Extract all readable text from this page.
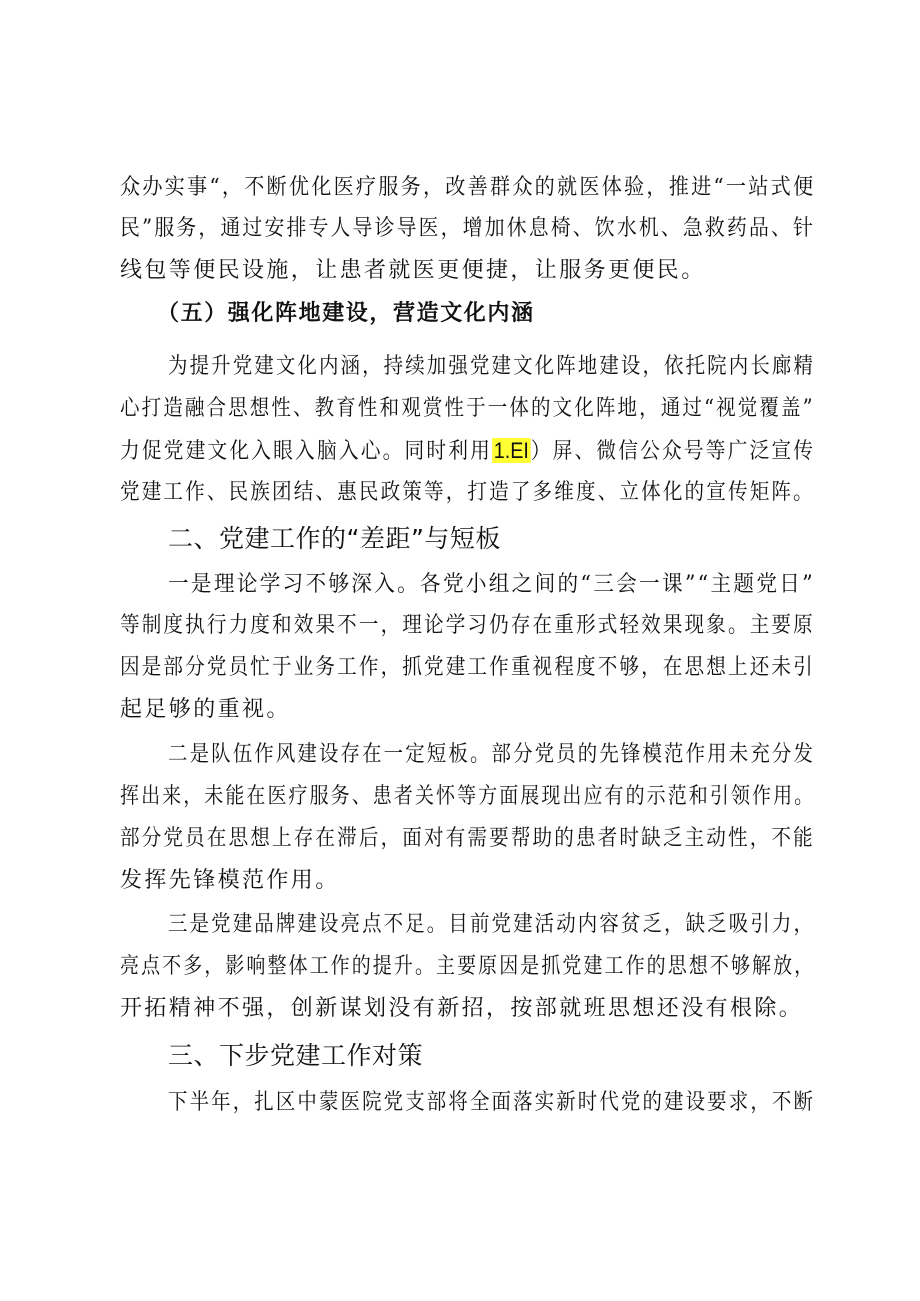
众办实事“，不断优化医疗服务，改善群众的就医体验，推进“一站式便
民”服务，通过安排专人导诊导医，增加休息椅、饮水机、急救药品、针
线包等便民设施，让患者就医更便捷，让服务更便民。
（五）强化阵地建设，营造文化内涵
为提升党建文化内涵，持续加强党建文化阵地建设，依托院内长廊精
心打造融合思想性、教育性和观赏性于一体的文化阵地，通过“视觉覆盖”
力促党建文化入眼入脑入心。同时利用1.EI）屏、微信公众号等广泛宣传
党建工作、民族团结、惠民政策等，打造了多维度、立体化的宣传矩阵。
二、党建工作的“差距”与短板
一是理论学习不够深入。各党小组之间的“三会一课”“主题党日”
等制度执行力度和效果不一，理论学习仍存在重形式轻效果现象。主要原
因是部分党员忙于业务工作，抓党建工作重视程度不够，在思想上还未引
起足够的重视。
二是队伍作风建设存在一定短板。部分党员的先锋模范作用未充分发
挥出来，未能在医疗服务、患者关怀等方面展现出应有的示范和引领作用。
部分党员在思想上存在滞后，面对有需要帮助的患者时缺乏主动性，不能
发挥先锋模范作用。
三是党建品牌建设亮点不足。目前党建活动内容贫乏，缺乏吸引力，
亮点不多，影响整体工作的提升。主要原因是抓党建工作的思想不够解放，
开拓精神不强，创新谋划没有新招，按部就班思想还没有根除。
三、下步党建工作对策
下半年，扎区中蒙医院党支部将全面落实新时代党的建设要求，不断
